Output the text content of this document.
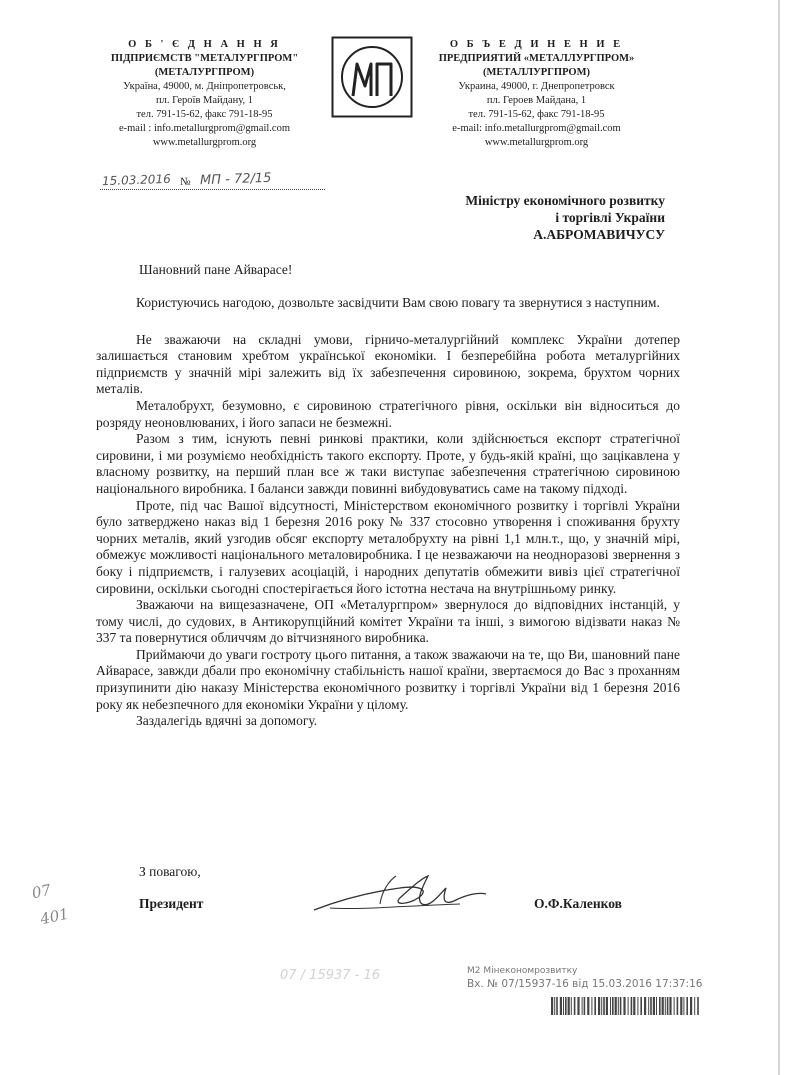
О Б ' Є Д Н А Н Н Я
ПІДПРИЄМСТВ "МЕТАЛУРГПРОМ"
(МЕТАЛУРГПРОМ)
Україна, 49000, м. Дніпропетровськ,
пл. Героїв Майдану, 1
тел. 791-15-62, факс 791-18-95
e-mail : info.metallurgprom@gmail.com
www.metallurgprom.org
О Б Ъ Е Д И Н Е Н И Е
ПРЕДПРИЯТИЙ «МЕТАЛЛУРГПРОМ»
(МЕТАЛЛУРГПРОМ)
Украина, 49000, г. Днепропетровск
пл. Героев Майдана, 1
тел. 791-15-62, факс 791-18-95
e-mail: info.metallurgprom@gmail.com
www.metallurgprom.org
15.03.2016 № МП - 72/15
Міністру економічного розвитку
і торгівлі України
А.АБРОМАВИЧУСУ
Шановний пане Айварасе!

Користуючись нагодою, дозвольте засвідчити Вам свою повагу та звернутися з наступним.

Не зважаючи на складні умови, гірничо-металургійний комплекс України дотепер залишається становим хребтом української економіки. І безперебійна робота металургійних підприємств у значній мірі залежить від їх забезпечення сировиною, зокрема, брухтом чорних металів.

Металобрухт, безумовно, є сировиною стратегічного рівня, оскільки він відноситься до розряду неоновлюваних, і його запаси не безмежні.

Разом з тим, існують певні ринкові практики, коли здійснюється експорт стратегічної сировини, і ми розуміємо необхідність такого експорту. Проте, у будь-якій країні, що зацікавлена у власному розвитку, на перший план все ж таки виступає забезпечення стратегічною сировиною національного виробника. І баланси завжди повинні вибудовуватись саме на такому підході.

Проте, під час Вашої відсутності, Міністерством економічного розвитку і торгівлі України було затверджено наказ від 1 березня 2016 року № 337 стосовно утворення і споживання брухту чорних металів, який узгодив обсяг експорту металобрухту на рівні 1,1 млн.т., що, у значній мірі, обмежує можливості національного металовиробника. І це незважаючи на неодноразові звернення з боку і підприємств, і галузевих асоціацій, і народних депутатів обмежити вивіз цієї стратегічної сировини, оскільки сьогодні спостерігається його істотна нестача на внутрішньому ринку.

Зважаючи на вищезазначене, ОП «Металургпром» звернулося до відповідних інстанцій, у тому числі, до судових, в Антикорупційний комітет України та інші, з вимогою відізвати наказ № 337 та повернутися обличчям до вітчизняного виробника.

Приймаючи до уваги гостроту цього питання, а також зважаючи на те, що Ви, шановний пане Айварасе, завжди дбали про економічну стабільність нашої країни, звертаємося до Вас з проханням призупинити дію наказу Міністерства економічного розвитку і торгівлі України від 1 березня 2016 року як небезпечного для економіки України у цілому.

Заздалегідь вдячні за допомогу.

З повагою,
Президент	О.Ф.Каленков
07
401
07 / 15937 - 16	М2 Мінекономрозвитку
Вх. № 07/15937-16 від 15.03.2016 17:37:16
